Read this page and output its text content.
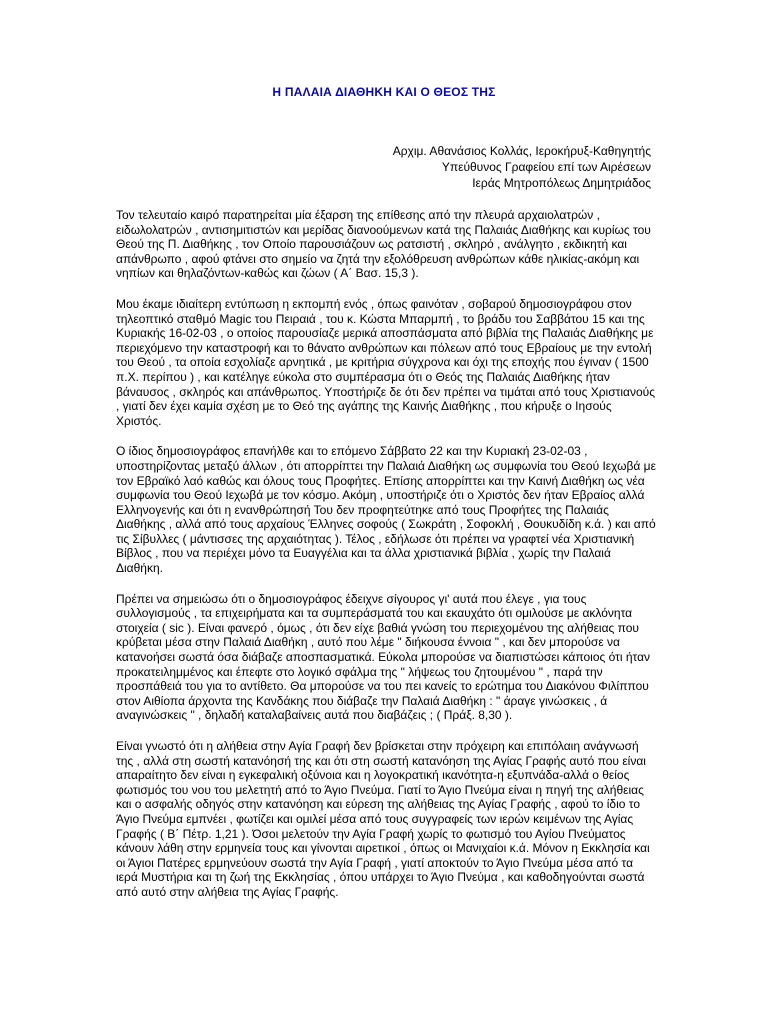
Η ΠΑΛΑΙΑ ΔΙΑΘΗΚΗ ΚΑΙ Ο ΘΕΟΣ ΤΗΣ
Αρχιμ. Αθανάσιος Κολλάς, Ιεροκήρυξ-Καθηγητής
Υπεύθυνος Γραφείου επί των Αιρέσεων
Ιεράς Μητροπόλεως Δημητριάδος

Τον τελευταίο καιρό παρατηρείται μία έξαρση της επίθεσης από την πλευρά αρχαιολατρών , ειδωλολατρών , αντισημιτιστών και μερίδας διανοούμενων κατά της Παλαιάς Διαθήκης και κυρίως του Θεού της Π. Διαθήκης , τον Οποίο παρουσιάζουν ως ρατσιστή , σκληρό , ανάλγητο , εκδικητή και απάνθρωπο , αφού φτάνει στο σημείο να ζητά την εξολόθρευση ανθρώπων κάθε ηλικίας-ακόμη και νηπίων και θηλαζόντων-καθώς και ζώων ( Α΄ Βασ. 15,3 ).

Μου έκαμε ιδιαίτερη εντύπωση η εκπομπή ενός , όπως φαινόταν , σοβαρού δημοσιογράφου στον τηλεοπτικό σταθμό Magic του Πειραιά , του κ. Κώστα Μπαρμπή , το βράδυ του Σαββάτου 15 και της Κυριακής 16-02-03 , ο οποίος παρουσίαζε μερικά αποσπάσματα από βιβλία της Παλαιάς Διαθήκης με περιεχόμενο την καταστροφή και το θάνατο ανθρώπων και πόλεων από τους Εβραίους με την εντολή του Θεού , τα οποία εσχολίαζε αρνητικά , με κριτήρια σύγχρονα και όχι της εποχής που έγιναν ( 1500 π.Χ. περίπου ) , και κατέληγε εύκολα στο συμπέρασμα ότι ο Θεός της Παλαιάς Διαθήκης ήταν βάναυσος , σκληρός και απάνθρωπος. Υποστήριζε δε ότι δεν πρέπει να τιμάται από τους Χριστιανούς , γιατί δεν έχει καμία σχέση με το Θεό της αγάπης της Καινής Διαθήκης , που κήρυξε ο Ιησούς Χριστός.

Ο ίδιος δημοσιογράφος επανήλθε και το επόμενο Σάββατο 22 και την Κυριακή 23-02-03 , υποστηρίζοντας μεταξύ άλλων , ότι απορρίπτει την Παλαιά Διαθήκη ως συμφωνία του Θεού Ιεχωβά με τον Εβραϊκό λαό καθώς και όλους τους Προφήτες. Επίσης απορρίπτει και την Καινή Διαθήκη ως νέα συμφωνία του Θεού Ιεχωβά με τον κόσμο. Ακόμη , υποστήριζε ότι ο Χριστός δεν ήταν Εβραίος αλλά Ελληνογενής και ότι η ενανθρώπησή Του δεν προφητεύτηκε από τους Προφήτες της Παλαιάς Διαθήκης , αλλά από τους αρχαίους Έλληνες σοφούς ( Σωκράτη , Σοφοκλή , Θουκυδίδη κ.ά. ) και από τις Σίβυλλες ( μάντισσες της αρχαιότητας ). Τέλος , εδήλωσε ότι πρέπει να γραφτεί νέα Χριστιανική Βίβλος , που να περιέχει μόνο τα Ευαγγέλια και τα άλλα χριστιανικά βιβλία , χωρίς την Παλαιά Διαθήκη.

Πρέπει να σημειώσω ότι ο δημοσιογράφος έδειχνε σίγουρος γι' αυτά που έλεγε , για τους συλλογισμούς , τα επιχειρήματα και τα συμπεράσματά του και εκαυχάτο ότι ομιλούσε με ακλόνητα στοιχεία ( sic ). Είναι φανερό , όμως , ότι δεν είχε βαθιά γνώση του περιεχομένου της αλήθειας που κρύβεται μέσα στην Παλαιά Διαθήκη , αυτό που λέμε " διήκουσα έννοια " , και δεν μπορούσε να κατανοήσει σωστά όσα διάβαζε αποσπασματικά. Εύκολα μπορούσε να διαπιστώσει κάποιος ότι ήταν προκατειλημμένος και έπεφτε στο λογικό σφάλμα της " λήψεως του ζητουμένου " , παρά την προσπάθειά του για το αντίθετο. Θα μπορούσε να του πει κανείς το ερώτημα του Διακόνου Φιλίππου στον Αιθίοπα άρχοντα της Κανδάκης που διάβαζε την Παλαιά Διαθήκη : " άραγε γινώσκεις , ά αναγινώσκεις " , δηλαδή καταλαβαίνεις αυτά που διαβάζεις ; ( Πράξ. 8,30 ).

Είναι γνωστό ότι η αλήθεια στην Αγία Γραφή δεν βρίσκεται στην πρόχειρη και επιπόλαιη ανάγνωσή της , αλλά στη σωστή κατανόησή της και ότι στη σωστή κατανόηση της Αγίας Γραφής αυτό που είναι απαραίτητο δεν είναι η εγκεφαλική οξύνοια και η λογοκρατική ικανότητα-η εξυπνάδα-αλλά ο θείος φωτισμός του νου του μελετητή από το Άγιο Πνεύμα. Γιατί το Άγιο Πνεύμα είναι η πηγή της αλήθειας και ο ασφαλής οδηγός στην κατανόηση και εύρεση της αλήθειας της Αγίας Γραφής , αφού το ίδιο το Άγιο Πνεύμα εμπνέει , φωτίζει και ομιλεί μέσα από τους συγγραφείς των ιερών κειμένων της Αγίας Γραφής ( Β΄ Πέτρ. 1,21 ). Όσοι μελετούν την Αγία Γραφή χωρίς το φωτισμό του Αγίου Πνεύματος κάνουν λάθη στην ερμηνεία τους και γίνονται αιρετικοί , όπως οι Μανιχαίοι κ.ά. Μόνον η Εκκλησία και οι Άγιοι Πατέρες ερμηνεύουν σωστά την Αγία Γραφή , γιατί αποκτούν το Άγιο Πνεύμα μέσα από τα ιερά Μυστήρια και τη ζωή της Εκκλησίας , όπου υπάρχει το Άγιο Πνεύμα , και καθοδηγούνται σωστά από αυτό στην αλήθεια της Αγίας Γραφής.
